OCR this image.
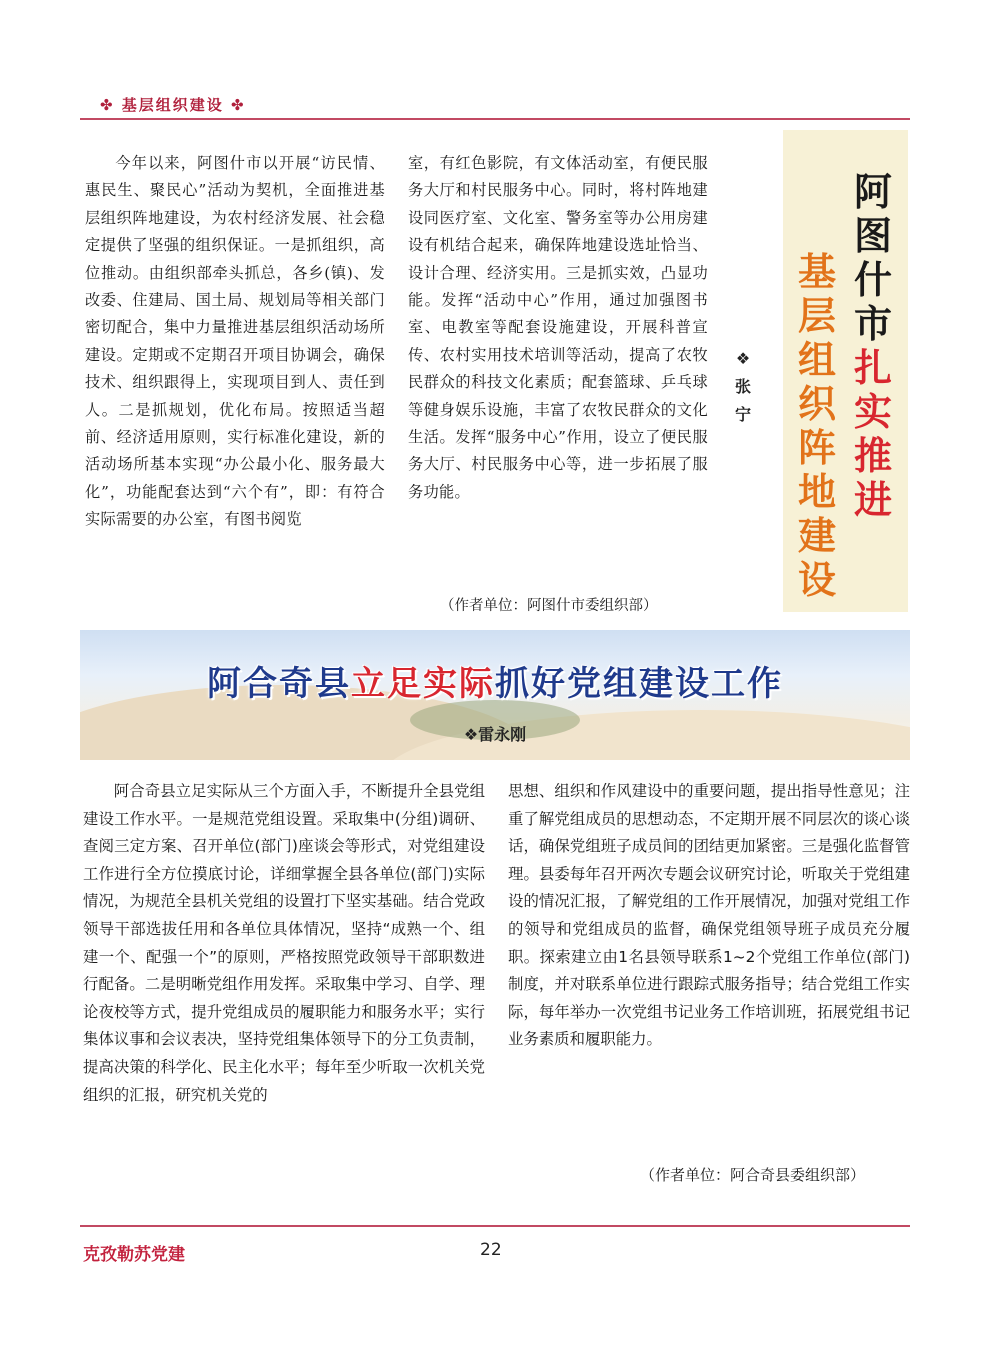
✤ 基层组织建设 ✤
今年以来，阿图什市以开展“访民情、惠民生、聚民心”活动为契机，全面推进基层组织阵地建设，为农村经济发展、社会稳定提供了坚强的组织保证。一是抓组织，高位推动。由组织部牵头抓总，各乡(镇)、发改委、住建局、国土局、规划局等相关部门密切配合，集中力量推进基层组织活动场所建设。定期或不定期召开项目协调会，确保技术、组织跟得上，实现项目到人、责任到人。二是抓规划，优化布局。按照适当超前、经济适用原则，实行标准化建设，新的活动场所基本实现“办公最小化、服务最大化”，功能配套达到“六个有”，即：有符合实际需要的办公室，有图书阅览
室，有红色影院，有文体活动室，有便民服务大厅和村民服务中心。同时，将村阵地建设同医疗室、文化室、警务室等办公用房建设有机结合起来，确保阵地建设选址恰当、设计合理、经济实用。三是抓实效，凸显功能。发挥“活动中心”作用，通过加强图书室、电教室等配套设施建设，开展科普宣传、农村实用技术培训等活动，提高了农牧民群众的科技文化素质；配套篮球、乒乓球等健身娱乐设施，丰富了农牧民群众的文化生活。发挥“服务中心”作用，设立了便民服务大厅、村民服务中心等，进一步拓展了服务功能。
❖张宁
（作者单位：阿图什市委组织部）
阿图什市扎实推进
基层组织阵地建设
阿合奇县立足实际抓好党组建设工作
❖雷永刚
阿合奇县立足实际从三个方面入手，不断提升全县党组建设工作水平。一是规范党组设置。采取集中(分组)调研、查阅三定方案、召开单位(部门)座谈会等形式，对党组建设工作进行全方位摸底讨论，详细掌握全县各单位(部门)实际情况，为规范全县机关党组的设置打下坚实基础。结合党政领导干部选拔任用和各单位具体情况，坚持“成熟一个、组建一个、配强一个”的原则，严格按照党政领导干部职数进行配备。二是明晰党组作用发挥。采取集中学习、自学、理论夜校等方式，提升党组成员的履职能力和服务水平；实行集体议事和会议表决，坚持党组集体领导下的分工负责制，提高决策的科学化、民主化水平；每年至少听取一次机关党组织的汇报，研究机关党的
思想、组织和作风建设中的重要问题，提出指导性意见；注重了解党组成员的思想动态，不定期开展不同层次的谈心谈话，确保党组班子成员间的团结更加紧密。三是强化监督管理。县委每年召开两次专题会议研究讨论，听取关于党组建设的情况汇报，了解党组的工作开展情况，加强对党组工作的领导和党组成员的监督，确保党组领导班子成员充分履职。探索建立由1名县领导联系1~2个党组工作单位(部门)制度，并对联系单位进行跟踪式服务指导；结合党组工作实际，每年举办一次党组书记业务工作培训班，拓展党组书记业务素质和履职能力。
（作者单位：阿合奇县委组织部）
克孜勒苏党建	22
